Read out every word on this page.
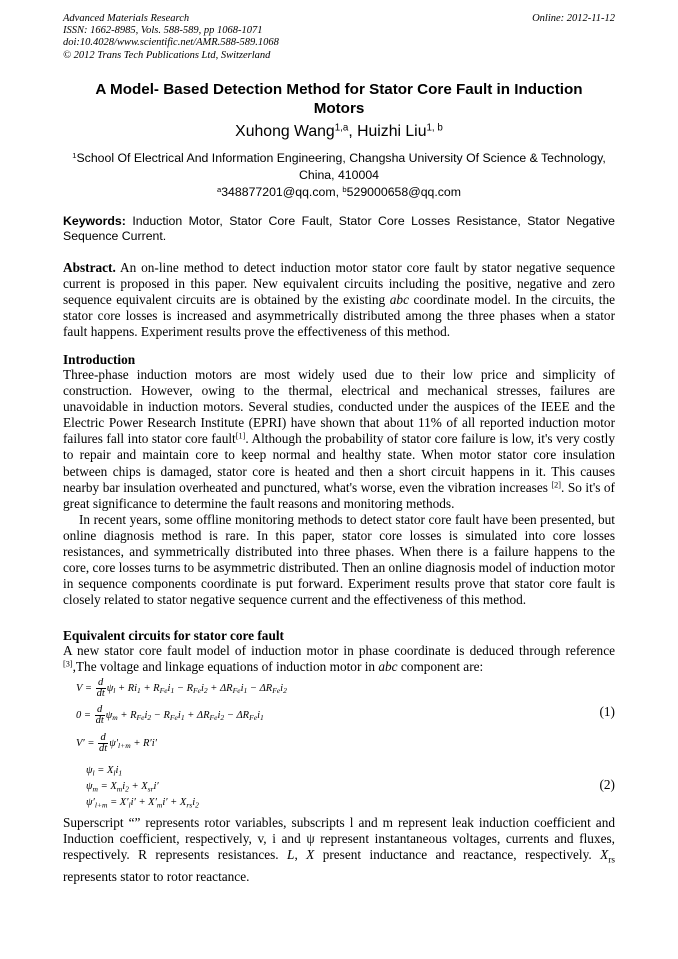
Advanced Materials Research
ISSN: 1662-8985, Vols. 588-589, pp 1068-1071
doi:10.4028/www.scientific.net/AMR.588-589.1068
© 2012 Trans Tech Publications Ltd, Switzerland
Online: 2012-11-12
A Model- Based Detection Method for Stator Core Fault in Induction
Motors
Xuhong Wang$^{1,a}$, Huizhi Liu$^{1, b}$
$^1$School Of Electrical And Information Engineering, Changsha University Of Science & Technology,
China, 410004
$^a$348877201@qq.com, $^b$529000658@qq.com
Keywords: Induction Motor, Stator Core Fault, Stator Core Losses Resistance, Stator Negative Sequence Current.
Abstract. An on-line method to detect induction motor stator core fault by stator negative sequence current is proposed in this paper. New equivalent circuits including the positive, negative and zero sequence equivalent circuits are is obtained by the existing abc coordinate model. In the circuits, the stator core losses is increased and asymmetrically distributed among the three phases when a stator fault happens. Experiment results prove the effectiveness of this method.
Introduction
Three-phase induction motors are most widely used due to their low price and simplicity of construction. However, owing to the thermal, electrical and mechanical stresses, failures are unavoidable in induction motors. Several studies, conducted under the auspices of the IEEE and the Electric Power Research Institute (EPRI) have shown that about 11% of all reported induction motor failures fall into stator core fault[1]. Although the probability of stator core failure is low, it's very costly to repair and maintain core to keep normal and healthy state. When motor stator core insulation between chips is damaged, stator core is heated and then a short circuit happens in it. This causes nearby bar insulation overheated and punctured, what's worse, even the vibration increases [2]. So it's of great significance to determine the fault reasons and monitoring methods.
In recent years, some offline monitoring methods to detect stator core fault have been presented, but online diagnosis method is rare. In this paper, stator core losses is simulated into core losses resistances, and symmetrically distributed into three phases. When there is a failure happens to the core, core losses turns to be asymmetric distributed. Then an online diagnosis model of induction motor in sequence components coordinate is put forward. Experiment results prove that stator core fault is closely related to stator negative sequence current and the effectiveness of this method.
Equivalent circuits for stator core fault
A new stator core fault model of induction motor in phase coordinate is deduced through reference [3],The voltage and linkage equations of induction motor in abc component are:
$V = \frac{d}{dt} \psi_l + Ri_1 + R_{Fe}i_1 - R_{Fe}i_2 + \Delta R_{Fe}i_1 - \Delta R_{Fe}i_2$
$0 = \frac{d}{dt} \psi_m + R_{Fe}i_2 - R_{Fe}i_1 + \Delta R_{Fe}i_2 - \Delta R_{Fe}i_1$
$V' = \frac{d}{dt} \psi'_{l+m} + R'i'$
(1)
$\psi_l = X_li_1$
$\psi_m = X_mi_2 + X_{sr}i'$
$\psi'_{l+m} = X'_li' + X'_mi' + X_{rs}i_2$
(2)
Superscript “” represents rotor variables, subscripts l and m represent leak induction coefficient and Induction coefficient, respectively, v, i and ψ represent instantaneous voltages, currents and fluxes, respectively. R represents resistances. L, X present inductance and reactance, respectively. $X_{rs}$ represents stator to rotor reactance.
